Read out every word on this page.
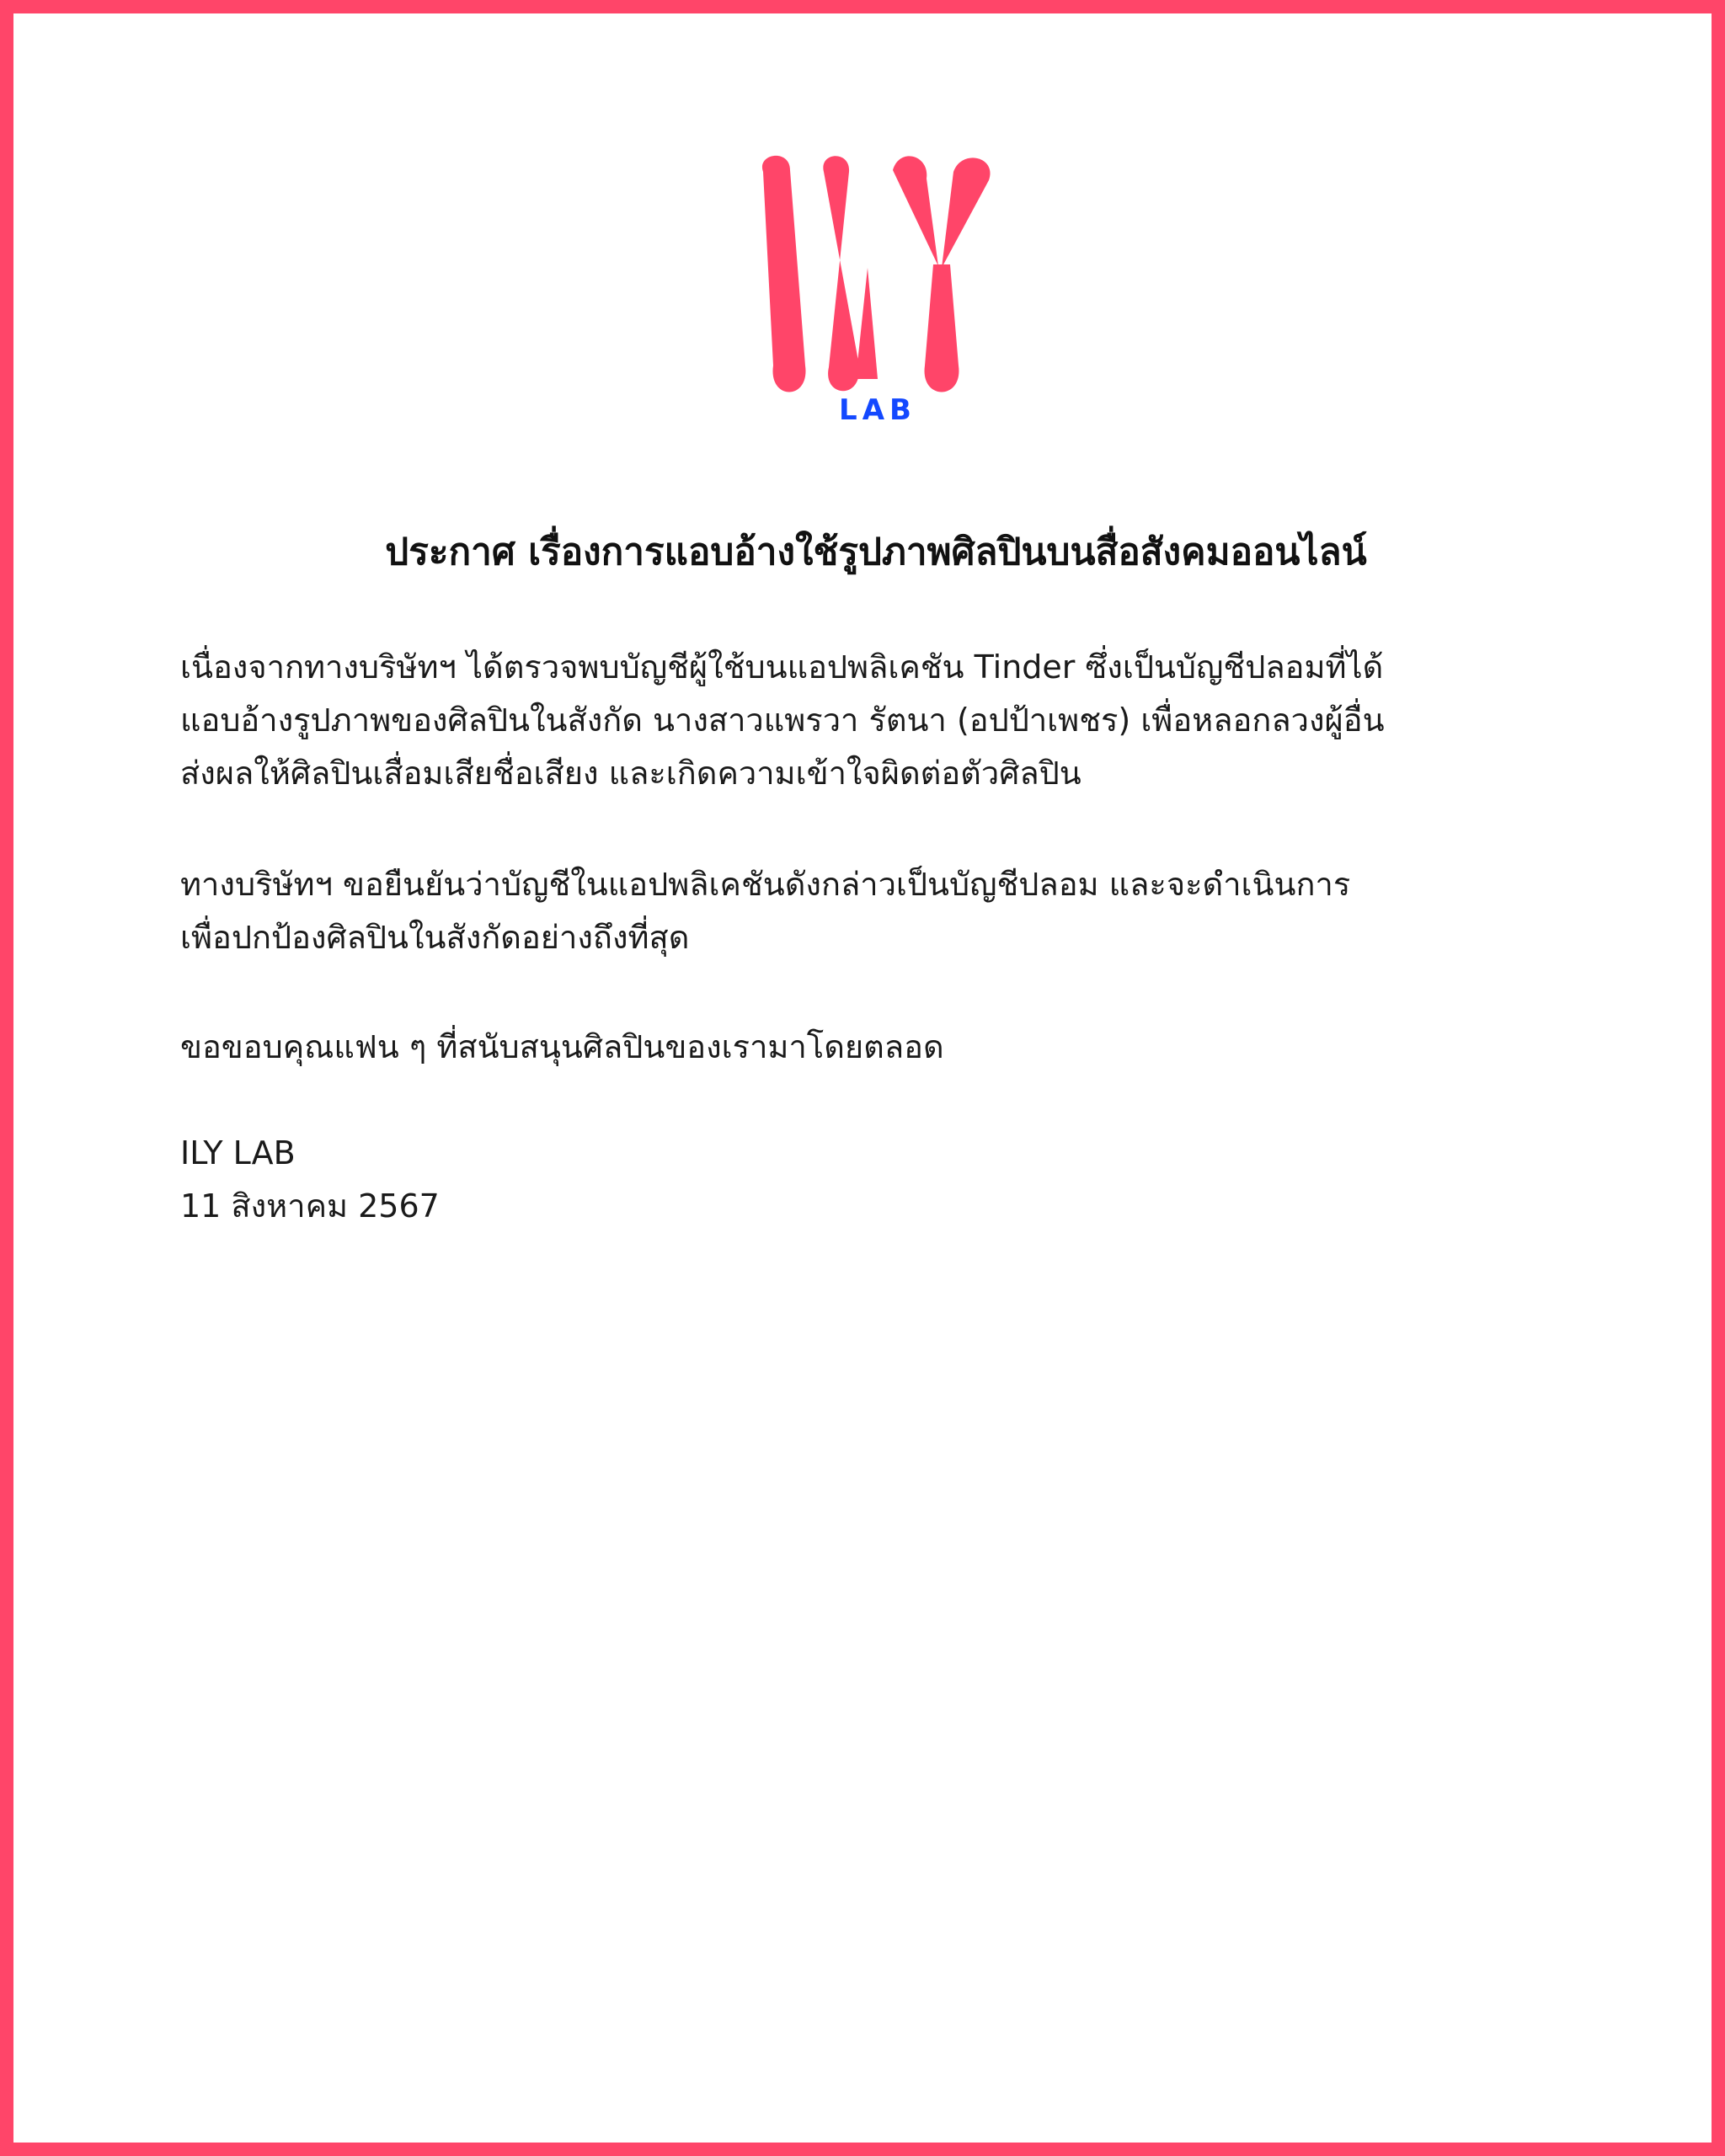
LAB
ประกาศ เรื่องการแอบอ้างใช้รูปภาพศิลปินบนสื่อสังคมออนไลน์
เนื่องจากทางบริษัทฯ ได้ตรวจพบบัญชีผู้ใช้บนแอปพลิเคชัน Tinder ซึ่งเป็นบัญชีปลอมที่ได้
แอบอ้างรูปภาพของศิลปินในสังกัด นางสาวแพรวา รัตนา (อปป้าเพชร) เพื่อหลอกลวงผู้อื่น
ส่งผลให้ศิลปินเสื่อมเสียชื่อเสียง และเกิดความเข้าใจผิดต่อตัวศิลปิน
ทางบริษัทฯ ขอยืนยันว่าบัญชีในแอปพลิเคชันดังกล่าวเป็นบัญชีปลอม และจะดำเนินการ
เพื่อปกป้องศิลปินในสังกัดอย่างถึงที่สุด
ขอขอบคุณแฟน ๆ ที่สนับสนุนศิลปินของเรามาโดยตลอด
ILY LAB
11 สิงหาคม 2567
